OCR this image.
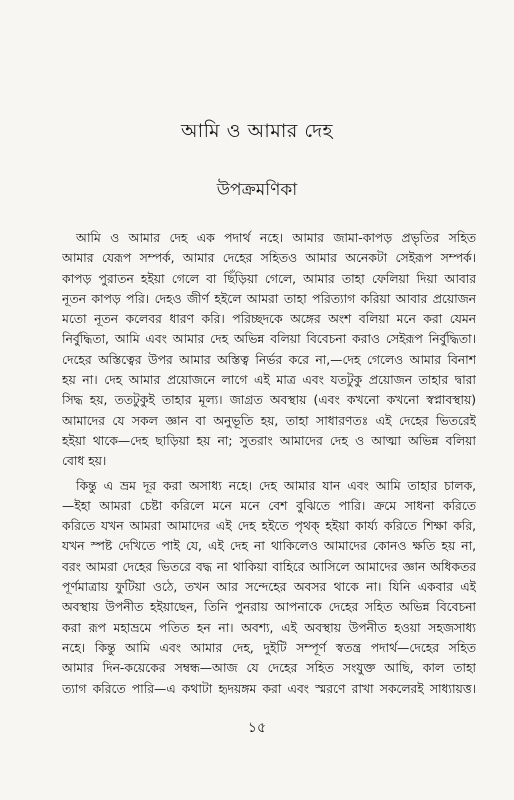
আমি ও আমার দেহ
উপক্রমণিকা
আমি ও আমার দেহ এক পদার্থ নহে। আমার জামা-কাপড় প্রভৃতির সহিত
আমার যেরূপ সম্পর্ক, আমার দেহের সহিতও আমার অনেকটা সেইরূপ সম্পর্ক।
কাপড় পুরাতন হইয়া গেলে বা ছিঁড়িয়া গেলে, আমার তাহা ফেলিয়া দিয়া আবার
নূতন কাপড় পরি। দেহও জীর্ণ হইলে আমরা তাহা পরিত্যাগ করিয়া আবার প্রয়োজন
মতো নূতন কলেবর ধারণ করি। পরিচ্ছদকে অঙ্গের অংশ বলিয়া মনে করা যেমন
নির্বুদ্ধিতা, আমি এবং আমার দেহ অভিন্ন বলিয়া বিবেচনা করাও সেইরূপ নির্বুদ্ধিতা।
দেহের অস্তিত্বের উপর আমার অস্তিত্ব নির্ভর করে না,—দেহ গেলেও আমার বিনাশ
হয় না। দেহ আমার প্রয়োজনে লাগে এই মাত্র এবং যতটুকু প্রয়োজন তাহার দ্বারা
সিদ্ধ হয়, ততটুকুই তাহার মূল্য। জাগ্রত অবস্থায় (এবং কখনো কখনো স্বপ্নাবস্থায়)
আমাদের যে সকল জ্ঞান বা অনুভূতি হয়, তাহা সাধারণতঃ এই দেহের ভিতরেই
হইয়া থাকে—দেহ ছাড়িয়া হয় না; সুতরাং আমাদের দেহ ও আত্মা অভিন্ন বলিয়া
বোধ হয়।
কিন্তু এ ভ্রম দূর করা অসাধ্য নহে। দেহ আমার যান এবং আমি তাহার চালক,
—ইহা আমরা চেষ্টা করিলে মনে মনে বেশ বুঝিতে পারি। ক্রমে সাধনা করিতে
করিতে যখন আমরা আমাদের এই দেহ হইতে পৃথক্ হইয়া কার্য্য করিতে শিক্ষা করি,
যখন স্পষ্ট দেখিতে পাই যে, এই দেহ না থাকিলেও আমাদের কোনও ক্ষতি হয় না,
বরং আমরা দেহের ভিতরে বদ্ধ না থাকিয়া বাহিরে আসিলে আমাদের জ্ঞান অধিকতর
পূর্ণমাত্রায় ফুটিয়া ওঠে, তখন আর সন্দেহের অবসর থাকে না। যিনি একবার এই
অবস্থায় উপনীত হইয়াছেন, তিনি পুনরায় আপনাকে দেহের সহিত অভিন্ন বিবেচনা
করা রূপ মহাভ্রমে পতিত হন না। অবশ্য, এই অবস্থায় উপনীত হওয়া সহজসাধ্য
নহে। কিন্তু আমি এবং আমার দেহ, দুইটি সম্পূর্ণ স্বতন্ত্র পদার্থ—দেহের সহিত
আমার দিন-কয়েকের সম্বন্ধ—আজ যে দেহের সহিত সংযুক্ত আছি, কাল তাহা
ত্যাগ করিতে পারি—এ কথাটা হৃদয়ঙ্গম করা এবং স্মরণে রাখা সকলেরই সাধ্যায়ত্ত।
১৫
